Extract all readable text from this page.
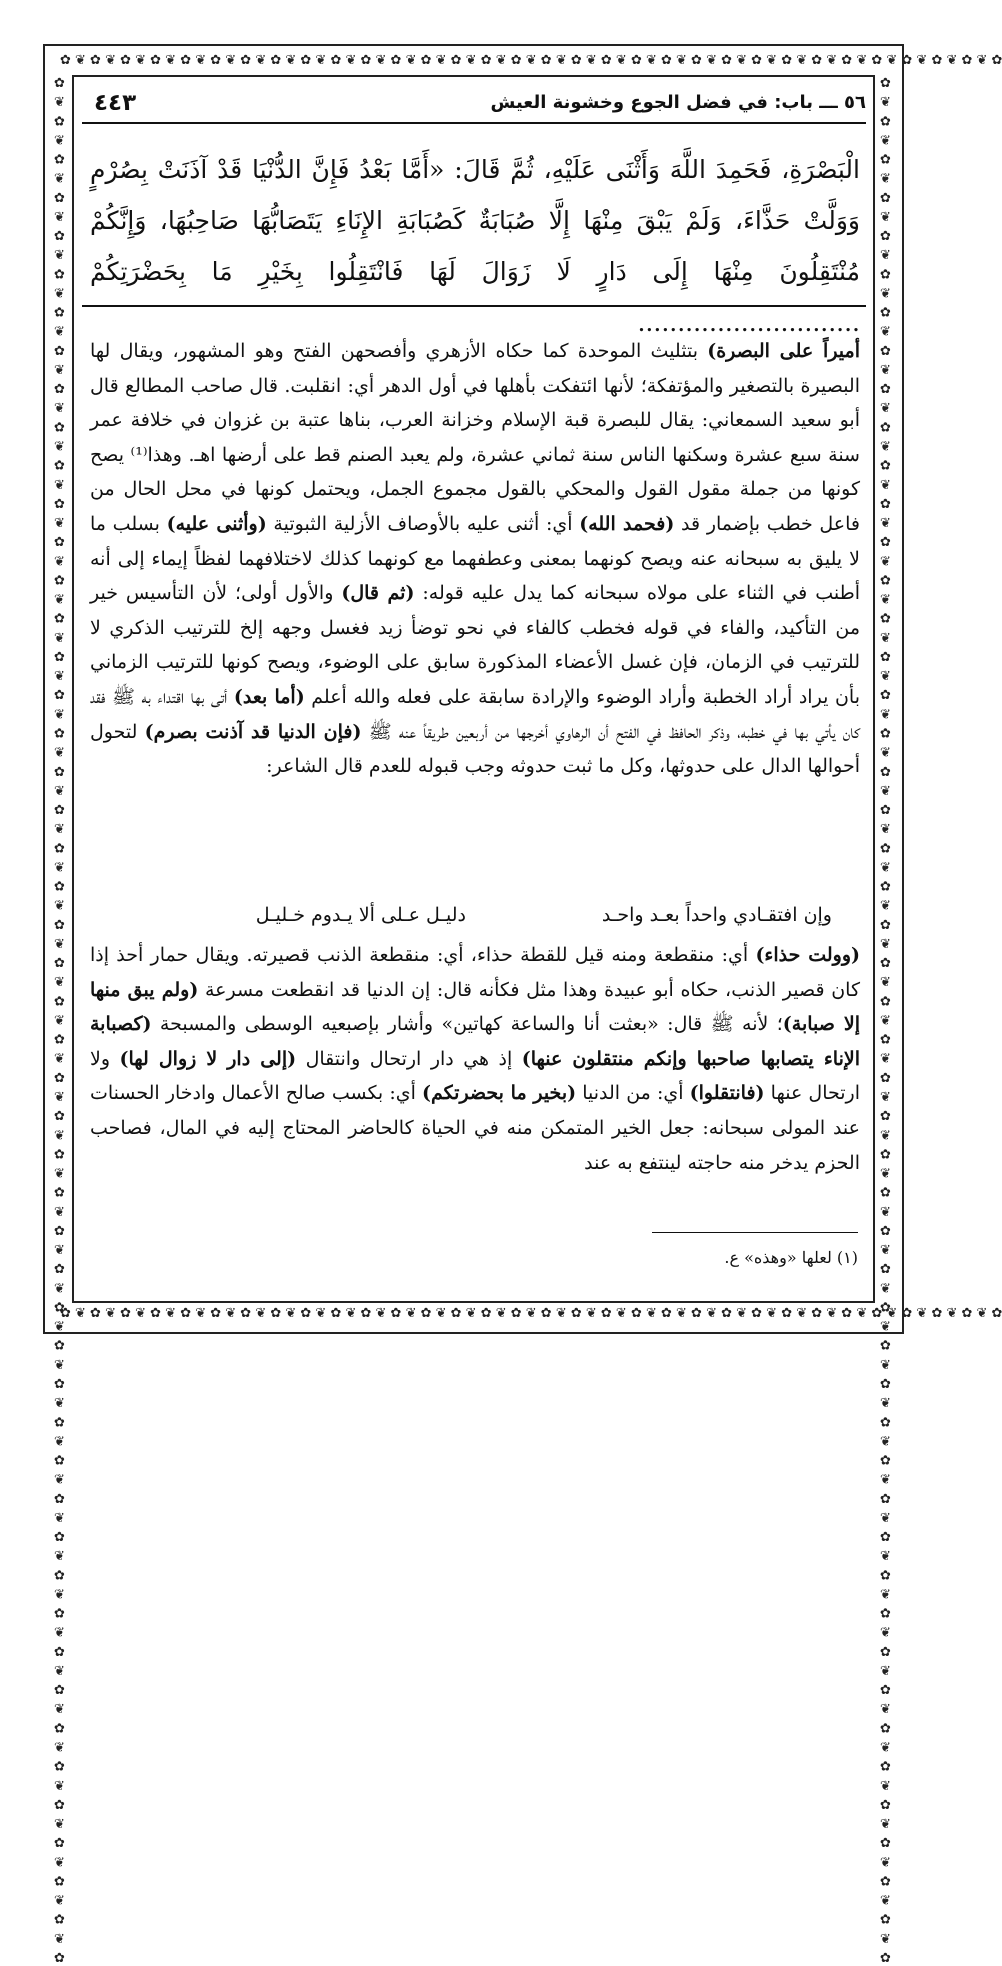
✿ ❦ ✿ ❦ ✿ ❦ ✿ ❦ ✿ ❦ ✿ ❦ ✿ ❦ ✿ ❦ ✿ ❦ ✿ ❦ ✿ ❦ ✿ ❦ ✿ ❦ ✿ ❦ ✿ ❦ ✿ ❦ ✿ ❦ ✿ ❦ ✿ ❦ ✿ ❦ ✿ ❦ ✿ ❦ ✿ ❦ ✿ ❦ ✿ ❦ ✿ ❦ ✿ ❦ ✿ ❦ ✿ ❦ ✿ ❦ ✿ ❦ ✿
✿ ❦ ✿ ❦ ✿ ❦ ✿ ❦ ✿ ❦ ✿ ❦ ✿ ❦ ✿ ❦ ✿ ❦ ✿ ❦ ✿ ❦ ✿ ❦ ✿ ❦ ✿ ❦ ✿ ❦ ✿ ❦ ✿ ❦ ✿ ❦ ✿ ❦ ✿ ❦ ✿ ❦ ✿ ❦ ✿ ❦ ✿ ❦ ✿ ❦ ✿ ❦ ✿ ❦ ✿ ❦ ✿ ❦ ✿ ❦ ✿ ❦ ✿
✿ ❦ ✿ ❦ ✿ ❦ ✿ ❦ ✿ ❦ ✿ ❦ ✿ ❦ ✿ ❦ ✿ ❦ ✿ ❦ ✿ ❦ ✿ ❦ ✿ ❦ ✿ ❦ ✿ ❦ ✿ ❦ ✿ ❦ ✿ ❦ ✿ ❦ ✿ ❦ ✿ ❦ ✿ ❦ ✿ ❦ ✿ ❦ ✿ ❦ ✿ ❦ ✿ ❦ ✿ ❦ ✿ ❦ ✿ ❦ ✿ ❦ ✿ ❦ ✿ ❦ ✿ ❦ ✿ ❦ ✿ ❦ ✿ ❦ ✿ ❦ ✿ ❦ ✿ ❦ ✿ ❦ ✿ ❦ ✿ ❦ ✿ ❦ ✿ ❦ ✿ ❦ ✿ ❦ ✿ ❦ ✿ ❦ ✿	✿ ❦ ✿ ❦ ✿ ❦ ✿ ❦ ✿ ❦ ✿ ❦ ✿ ❦ ✿ ❦ ✿ ❦ ✿ ❦ ✿ ❦ ✿ ❦ ✿ ❦ ✿ ❦ ✿ ❦ ✿ ❦ ✿ ❦ ✿ ❦ ✿ ❦ ✿ ❦ ✿ ❦ ✿ ❦ ✿ ❦ ✿ ❦ ✿ ❦ ✿ ❦ ✿ ❦ ✿ ❦ ✿ ❦ ✿ ❦ ✿ ❦ ✿ ❦ ✿ ❦ ✿ ❦ ✿ ❦ ✿ ❦ ✿ ❦ ✿ ❦ ✿ ❦ ✿ ❦ ✿ ❦ ✿ ❦ ✿ ❦ ✿ ❦ ✿ ❦ ✿ ❦ ✿ ❦ ✿ ❦ ✿ ❦ ✿
٤٤٣	٥٦ ـــ باب: في فضل الجوع وخشونة العيش
الْبَصْرَةِ، فَحَمِدَ اللَّهَ وَأَثْنَى عَلَيْهِ، ثُمَّ قَالَ: «أَمَّا بَعْدُ فَإِنَّ الدُّنْيَا قَدْ آذَنَتْ بِصُرْمٍ وَوَلَّتْ حَذَّاءَ، وَلَمْ يَبْقَ مِنْهَا إِلَّا صُبَابَةٌ كَصُبَابَةِ الإِنَاءِ يَتَصَابُّهَا صَاحِبُهَا، وَإِنَّكُمْ مُنْتَقِلُونَ مِنْهَا إِلَى دَارٍ لَا زَوَالَ لَهَا فَانْتَقِلُوا بِخَيْرِ مَا بِحَضْرَتِكُمْ ............................

أميراً على البصرة) بتثليث الموحدة كما حكاه الأزهري وأفصحهن الفتح وهو المشهور، ويقال لها البصيرة بالتصغير والمؤتفكة؛ لأنها ائتفكت بأهلها في أول الدهر أي: انقلبت. قال صاحب المطالع قال أبو سعيد السمعاني: يقال للبصرة قبة الإسلام وخزانة العرب، بناها عتبة بن غزوان في خلافة عمر سنة سبع عشرة وسكنها الناس سنة ثماني عشرة، ولم يعبد الصنم قط على أرضها اهـ. وهذا⁽¹⁾ يصح كونها من جملة مقول القول والمحكي بالقول مجموع الجمل، ويحتمل كونها في محل الحال من فاعل خطب بإضمار قد (فحمد الله) أي: أثنى عليه بالأوصاف الأزلية الثبوتية (وأثنى عليه) بسلب ما لا يليق به سبحانه عنه ويصح كونهما بمعنى وعطفهما مع كونهما كذلك لاختلافهما لفظاً إيماء إلى أنه أطنب في الثناء على مولاه سبحانه كما يدل عليه قوله: (ثم قال) والأول أولى؛ لأن التأسيس خير من التأكيد، والفاء في قوله فخطب كالفاء في نحو توضأ زيد فغسل وجهه إلخ للترتيب الذكري لا للترتيب في الزمان، فإن غسل الأعضاء المذكورة سابق على الوضوء، ويصح كونها للترتيب الزماني بأن يراد أراد الخطبة وأراد الوضوء والإرادة سابقة على فعله والله أعلم (أما بعد) أتى بها اقتداء به ﷺ فقد كان يأتي بها في خطبه، وذكر الحافظ في الفتح أن الرهاوي أخرجها من أربعين طريقاً عنه ﷺ (فإن الدنيا قد آذنت بصرم) لتحول أحوالها الدال على حدوثها، وكل ما ثبت حدوثه وجب قبوله للعدم قال الشاعر:

وإن افتقـادي واحداً بعـد واحـد
دليـل عـلى ألا يـدوم خـليـل

(وولت حذاء) أي: منقطعة ومنه قيل للقطة حذاء، أي: منقطعة الذنب قصيرته. ويقال حمار أحذ إذا كان قصير الذنب، حكاه أبو عبيدة وهذا مثل فكأنه قال: إن الدنيا قد انقطعت مسرعة (ولم يبق منها إلا صبابة)؛ لأنه ﷺ قال: «بعثت أنا والساعة كهاتين» وأشار بإصبعيه الوسطى والمسبحة (كصبابة الإناء يتصابها صاحبها وإنكم منتقلون عنها) إذ هي دار ارتحال وانتقال (إلى دار لا زوال لها) ولا ارتحال عنها (فانتقلوا) أي: من الدنيا (بخير ما بحضرتكم) أي: بكسب صالح الأعمال وادخار الحسنات عند المولى سبحانه: جعل الخير المتمكن منه في الحياة كالحاضر المحتاج إليه في المال، فصاحب الحزم يدخر منه حاجته لينتفع به عند

(١) لعلها «وهذه» ع.
